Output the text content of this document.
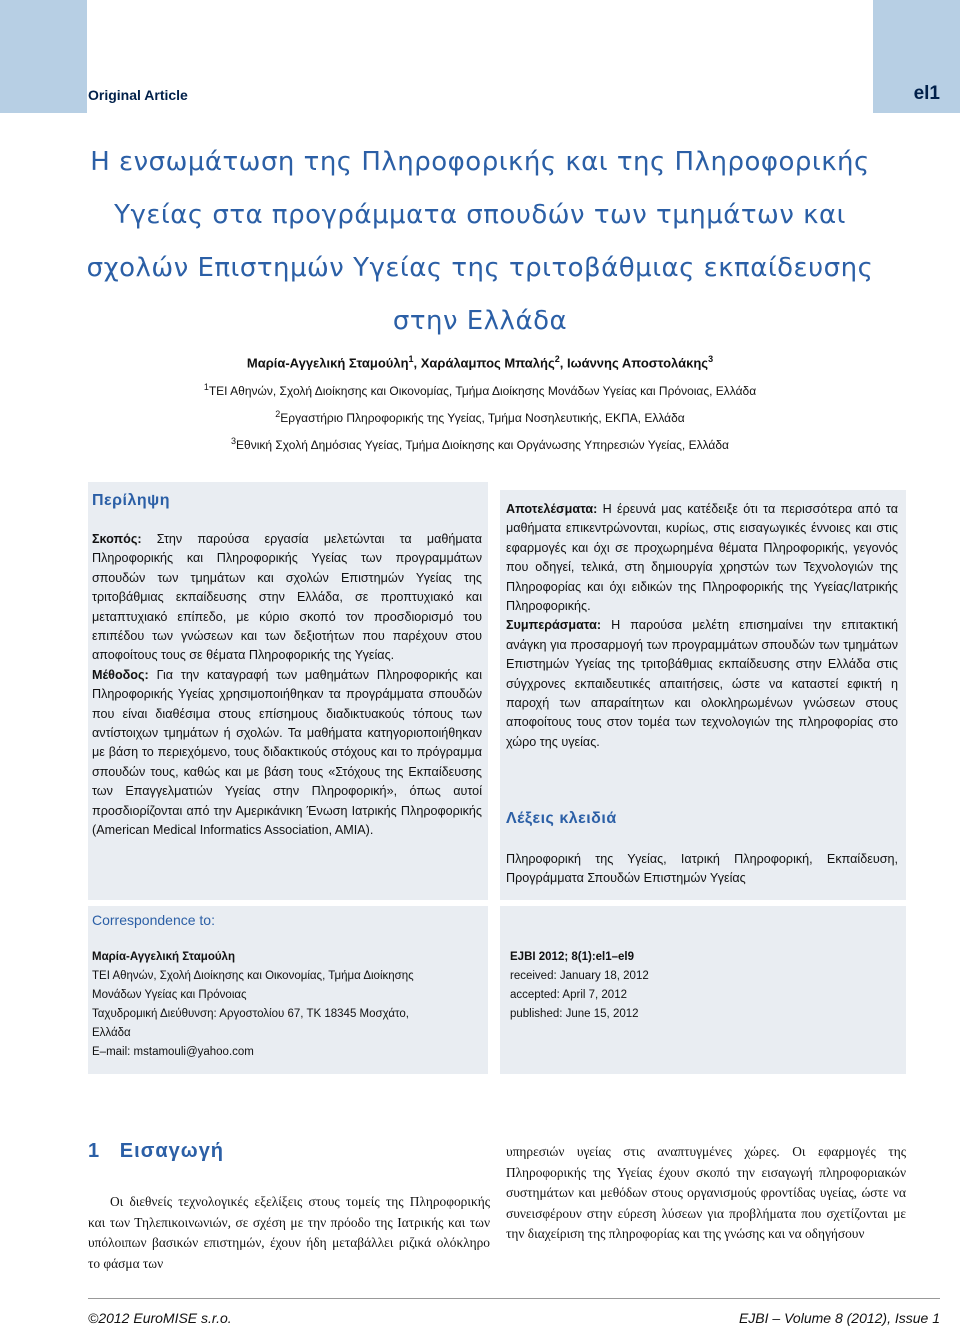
Original Article	el1
Η ενσωμάτωση της Πληροφορικής και της Πληροφορικής
Υγείας στα προγράμματα σπουδών των τμημάτων και
σχολών Επιστημών Υγείας της τριτοβάθμιας εκπαίδευσης
στην Ελλάδα
Μαρία-Αγγελική Σταμούλη$^1$, Χαράλαμπος Μπαλής$^2$, Ιωάννης Αποστολάκης$^3$
$^1$ΤΕΙ Αθηνών, Σχολή Διοίκησης και Οικονομίας, Τμήμα Διοίκησης Μονάδων Υγείας και Πρόνοιας, Ελλάδα
$^2$Εργαστήριο Πληροφορικής της Υγείας, Τμήμα Νοσηλευτικής, ΕΚΠΑ, Ελλάδα
$^3$Εθνική Σχολή Δημόσιας Υγείας, Τμήμα Διοίκησης και Οργάνωσης Υπηρεσιών Υγείας, Ελλάδα
Περίληψη
Σκοπός: Στην παρούσα εργασία μελετώνται τα μαθήματα Πληροφορικής και Πληροφορικής Υγείας των προγραμμάτων σπουδών των τμημάτων και σχολών Επιστημών Υγείας της τριτοβάθμιας εκπαίδευσης στην Ελλάδα, σε προπτυχιακό και μεταπτυχιακό επίπεδο, με κύριο σκοπό τον προσδιορισμό του επιπέδου των γνώσεων και των δεξιοτήτων που παρέχουν στου αποφοίτους τους σε θέματα Πληροφορικής της Υγείας.
Μέθοδος: Για την καταγραφή των μαθημάτων Πληροφορικής και Πληροφορικής Υγείας χρησιμοποιήθηκαν τα προγράμματα σπουδών που είναι διαθέσιμα στους επίσημους διαδικτυακούς τόπους των αντίστοιχων τμημάτων ή σχολών. Τα μαθήματα κατηγοριοποιήθηκαν με βάση το περιεχόμενο, τους διδακτικούς στόχους και το πρόγραμμα σπουδών τους, καθώς και με βάση τους «Στόχους της Εκπαίδευσης των Επαγγελματιών Υγείας στην Πληροφορική», όπως αυτοί προσδιορίζονται από την Αμερικάνικη Ένωση Ιατρικής Πληροφορικής (American Medical Informatics Association, AMIA).
Αποτελέσματα: Η έρευνά μας κατέδειξε ότι τα περισσότερα από τα μαθήματα επικεντρώνονται, κυρίως, στις εισαγωγικές έννοιες και στις εφαρμογές και όχι σε προχωρημένα θέματα Πληροφορικής, γεγονός που οδηγεί, τελικά, στη δημιουργία χρηστών των Τεχνολογιών της Πληροφορίας και όχι ειδικών της Πληροφορικής της Υγείας/Ιατρικής Πληροφορικής.
Συμπεράσματα: Η παρούσα μελέτη επισημαίνει την επιτακτική ανάγκη για προσαρμογή των προγραμμάτων σπουδών των τμημάτων Επιστημών Υγείας της τριτοβάθμιας εκπαίδευσης στην Ελλάδα στις σύγχρονες εκπαιδευτικές απαιτήσεις, ώστε να καταστεί εφικτή η παροχή των απαραίτητων και ολοκληρωμένων γνώσεων στους αποφοίτους τους στον τομέα των τεχνολογιών της πληροφορίας στο χώρο της υγείας.
Λέξεις κλειδιά
Πληροφορική της Υγείας, Ιατρική Πληροφορική, Εκπαίδευση, Προγράμματα Σπουδών Επιστημών Υγείας
Correspondence to:
Μαρία-Αγγελική Σταμούλη
ΤΕΙ Αθηνών, Σχολή Διοίκησης και Οικονομίας, Τμήμα Διοίκησης
Μονάδων Υγείας και Πρόνοιας
Ταχυδρομική Διεύθυνση: Αργοστολίου 67, ΤΚ 18345 Μοσχάτο,
Ελλάδα
E–mail: mstamouli@yahoo.com
EJBI 2012; 8(1):el1–el9
received: January 18, 2012
accepted: April 7, 2012
published: June 15, 2012
1 Εισαγωγή
Οι διεθνείς τεχνολογικές εξελίξεις στους τομείς της Πληροφορικής και των Τηλεπικοινωνιών, σε σχέση με την πρόοδο της Ιατρικής και των υπόλοιπων βασικών επιστημών, έχουν ήδη μεταβάλλει ριζικά ολόκληρο το φάσμα των
υπηρεσιών υγείας στις αναπτυγμένες χώρες. Οι εφαρμογές της Πληροφορικής της Υγείας έχουν σκοπό την εισαγωγή πληροφοριακών συστημάτων και μεθόδων στους οργανισμούς φροντίδας υγείας, ώστε να συνεισφέρουν στην εύρεση λύσεων για προβλήματα που σχετίζονται με την διαχείριση της πληροφορίας και της γνώσης και να οδηγήσουν
©2012 EuroMISE s.r.o.	EJBI – Volume 8 (2012), Issue 1
